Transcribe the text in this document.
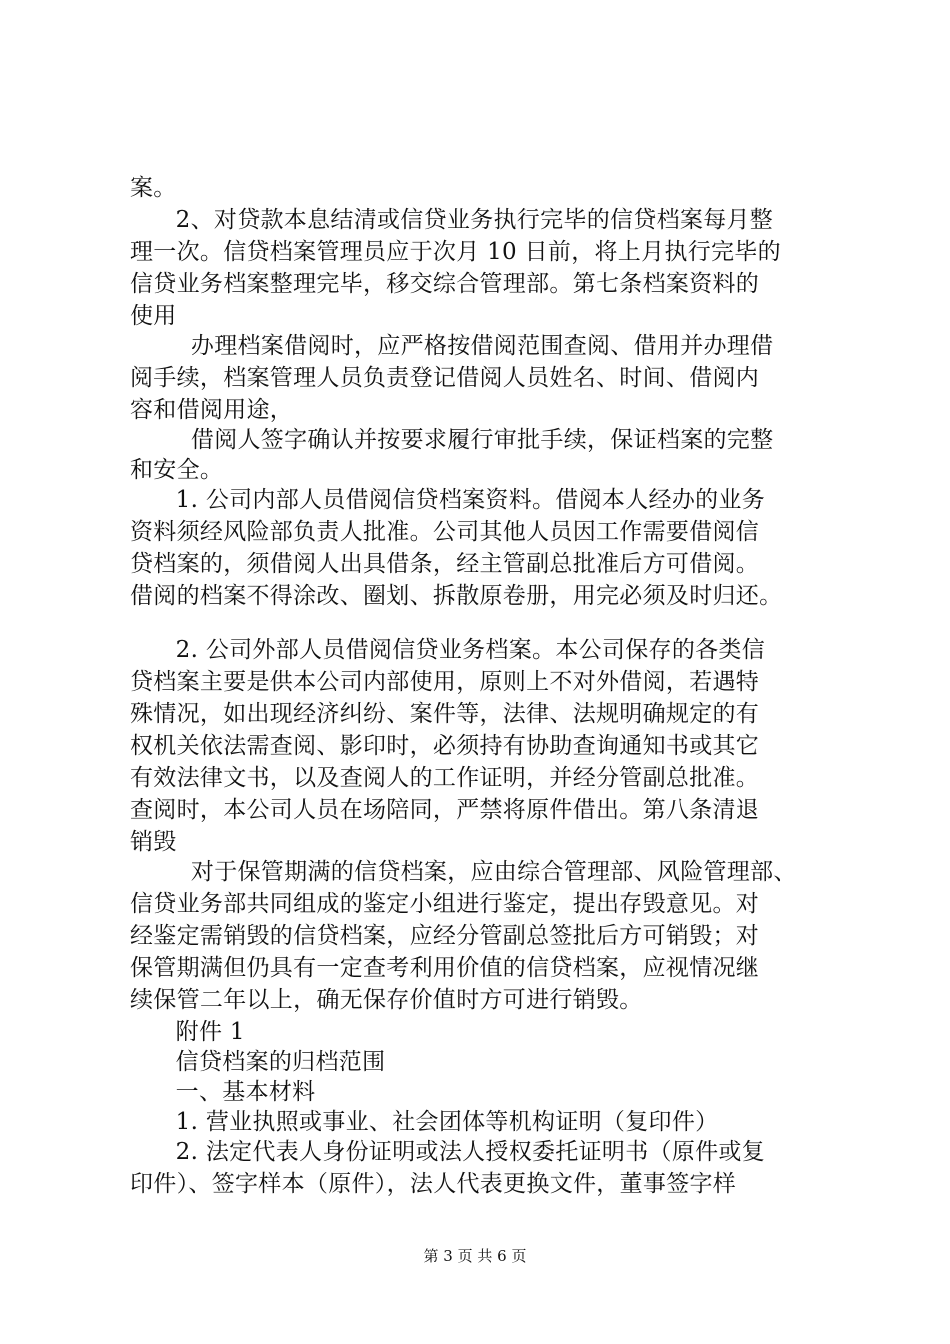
案。

2、对贷款本息结清或信贷业务执行完毕的信贷档案每月整

理一次。信贷档案管理员应于次月 10 日前，将上月执行完毕的

信贷业务档案整理完毕，移交综合管理部。第七条档案资料的

使用

办理档案借阅时，应严格按借阅范围查阅、借用并办理借

阅手续，档案管理人员负责登记借阅人员姓名、时间、借阅内

容和借阅用途，

借阅人签字确认并按要求履行审批手续，保证档案的完整

和安全。

1. 公司内部人员借阅信贷档案资料。借阅本人经办的业务

资料须经风险部负责人批准。公司其他人员因工作需要借阅信

贷档案的，须借阅人出具借条，经主管副总批准后方可借阅。

借阅的档案不得涂改、圈划、拆散原卷册，用完必须及时归还。

2. 公司外部人员借阅信贷业务档案。本公司保存的各类信

贷档案主要是供本公司内部使用，原则上不对外借阅，若遇特

殊情况，如出现经济纠纷、案件等，法律、法规明确规定的有

权机关依法需查阅、影印时，必须持有协助查询通知书或其它

有效法律文书，以及查阅人的工作证明，并经分管副总批准。

查阅时，本公司人员在场陪同，严禁将原件借出。第八条清退

销毁

对于保管期满的信贷档案，应由综合管理部、风险管理部、

信贷业务部共同组成的鉴定小组进行鉴定，提出存毁意见。对

经鉴定需销毁的信贷档案，应经分管副总签批后方可销毁；对

保管期满但仍具有一定查考利用价值的信贷档案，应视情况继

续保管二年以上，确无保存价值时方可进行销毁。

附件 1

信贷档案的归档范围

一、基本材料

1. 营业执照或事业、社会团体等机构证明（复印件）

2. 法定代表人身份证明或法人授权委托证明书（原件或复

印件）、签字样本（原件），法人代表更换文件，董事签字样

第 3 页 共 6 页
